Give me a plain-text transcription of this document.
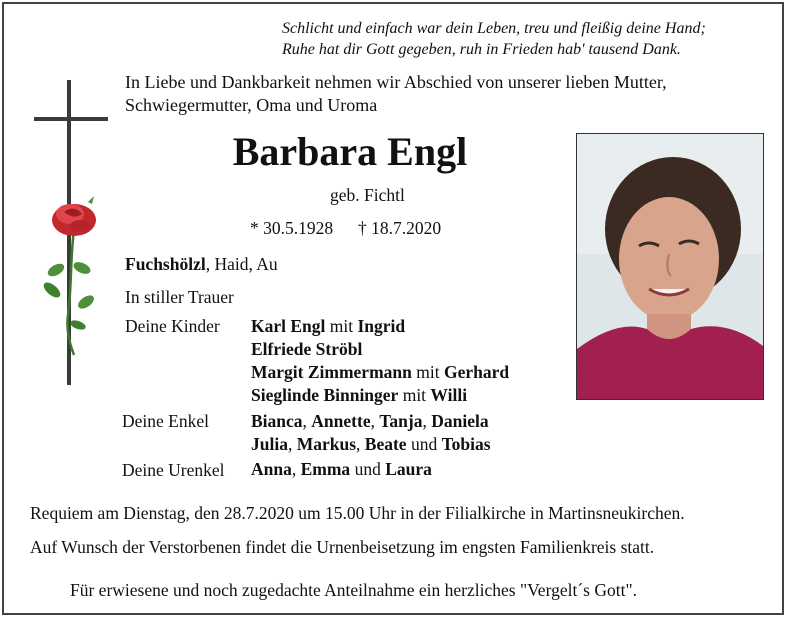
Schlicht und einfach war dein Leben, treu und fleißig deine Hand;
Ruhe hat dir Gott gegeben, ruh in Frieden hab' tausend Dank.
In Liebe und Dankbarkeit nehmen wir Abschied von unserer lieben Mutter,
Schwiegermutter, Oma und Uroma
Barbara Engl
geb. Fichtl
* 30.5.1928 † 18.7.2020
Fuchshölzl, Haid, Au
In stiller Trauer
Deine Kinder Karl Engl mit Ingrid
Elfriede Ströbl
Margit Zimmermann mit Gerhard
Sieglinde Binninger mit Willi
Deine Enkel Bianca, Annette, Tanja, Daniela
Julia, Markus, Beate und Tobias
Deine Urenkel Anna, Emma und Laura
Requiem am Dienstag, den 28.7.2020 um 15.00 Uhr in der Filialkirche in Martinsneukirchen.
Auf Wunsch der Verstorbenen findet die Urnenbeisetzung im engsten Familienkreis statt.
Für erwiesene und noch zugedachte Anteilnahme ein herzliches "Vergelt´s Gott".
